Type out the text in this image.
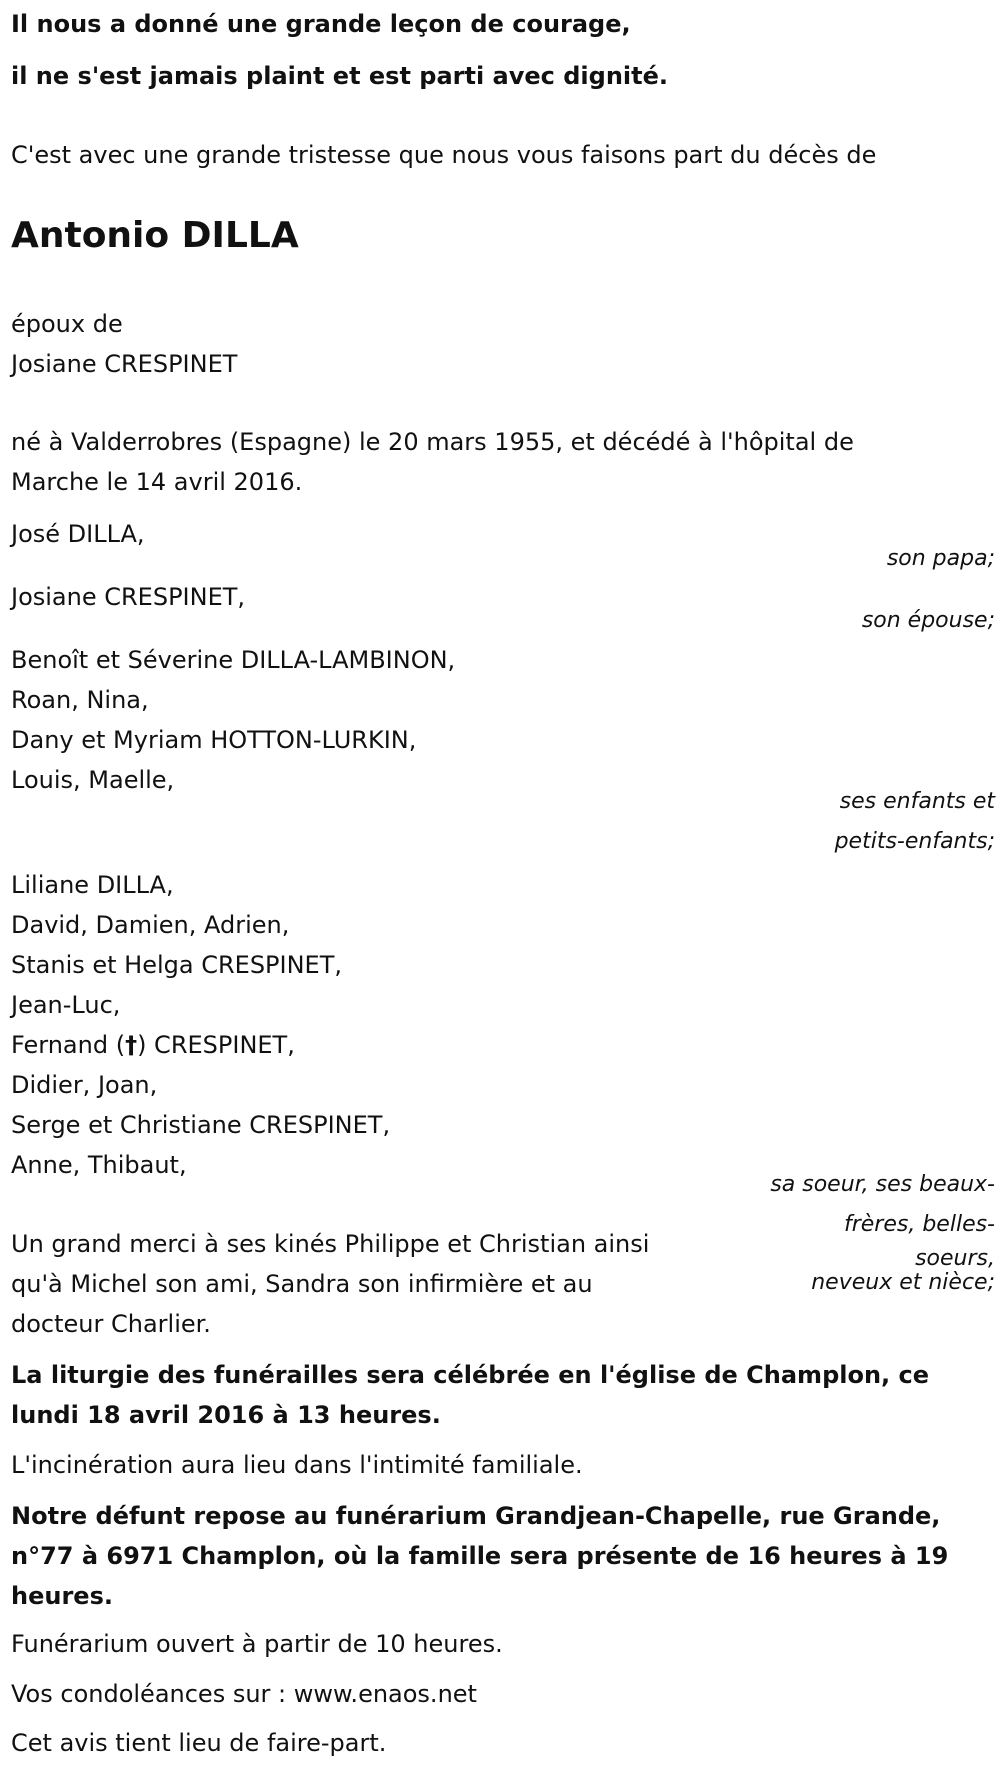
Il nous a donné une grande leçon de courage,

il ne s'est jamais plaint et est parti avec dignité.

C'est avec une grande tristesse que nous vous faisons part du décès de

Antonio DILLA
époux de
Josiane CRESPINET
né à Valderrobres (Espagne) le 20 mars 1955, et décédé à l'hôpital de
Marche le 14 avril 2016.

José DILLA,

son papa;

Josiane CRESPINET,

son épouse;

Benoît et Séverine DILLA-LAMBINON,
Roan, Nina,
Dany et Myriam HOTTON-LURKIN,
Louis, Maelle,
ses enfants et
petits-enfants;
Liliane DILLA,
David, Damien, Adrien,
Stanis et Helga CRESPINET,
Jean-Luc,
Fernand (†) CRESPINET,
Didier, Joan,
Serge et Christiane CRESPINET,
Anne, Thibaut,
sa soeur, ses beaux-
frères, belles-
soeurs,
neveux et nièce;
Un grand merci à ses kinés Philippe et Christian ainsi
qu'à Michel son ami, Sandra son infirmière et au
docteur Charlier.
La liturgie des funérailles sera célébrée en l'église de Champlon, ce
lundi 18 avril 2016 à 13 heures.

L'incinération aura lieu dans l'intimité familiale.

Notre défunt repose au funérarium Grandjean-Chapelle, rue Grande,
n°77 à 6971 Champlon, où la famille sera présente de 16 heures à 19
heures.

Funérarium ouvert à partir de 10 heures.

Vos condoléances sur : www.enaos.net

Cet avis tient lieu de faire-part.
